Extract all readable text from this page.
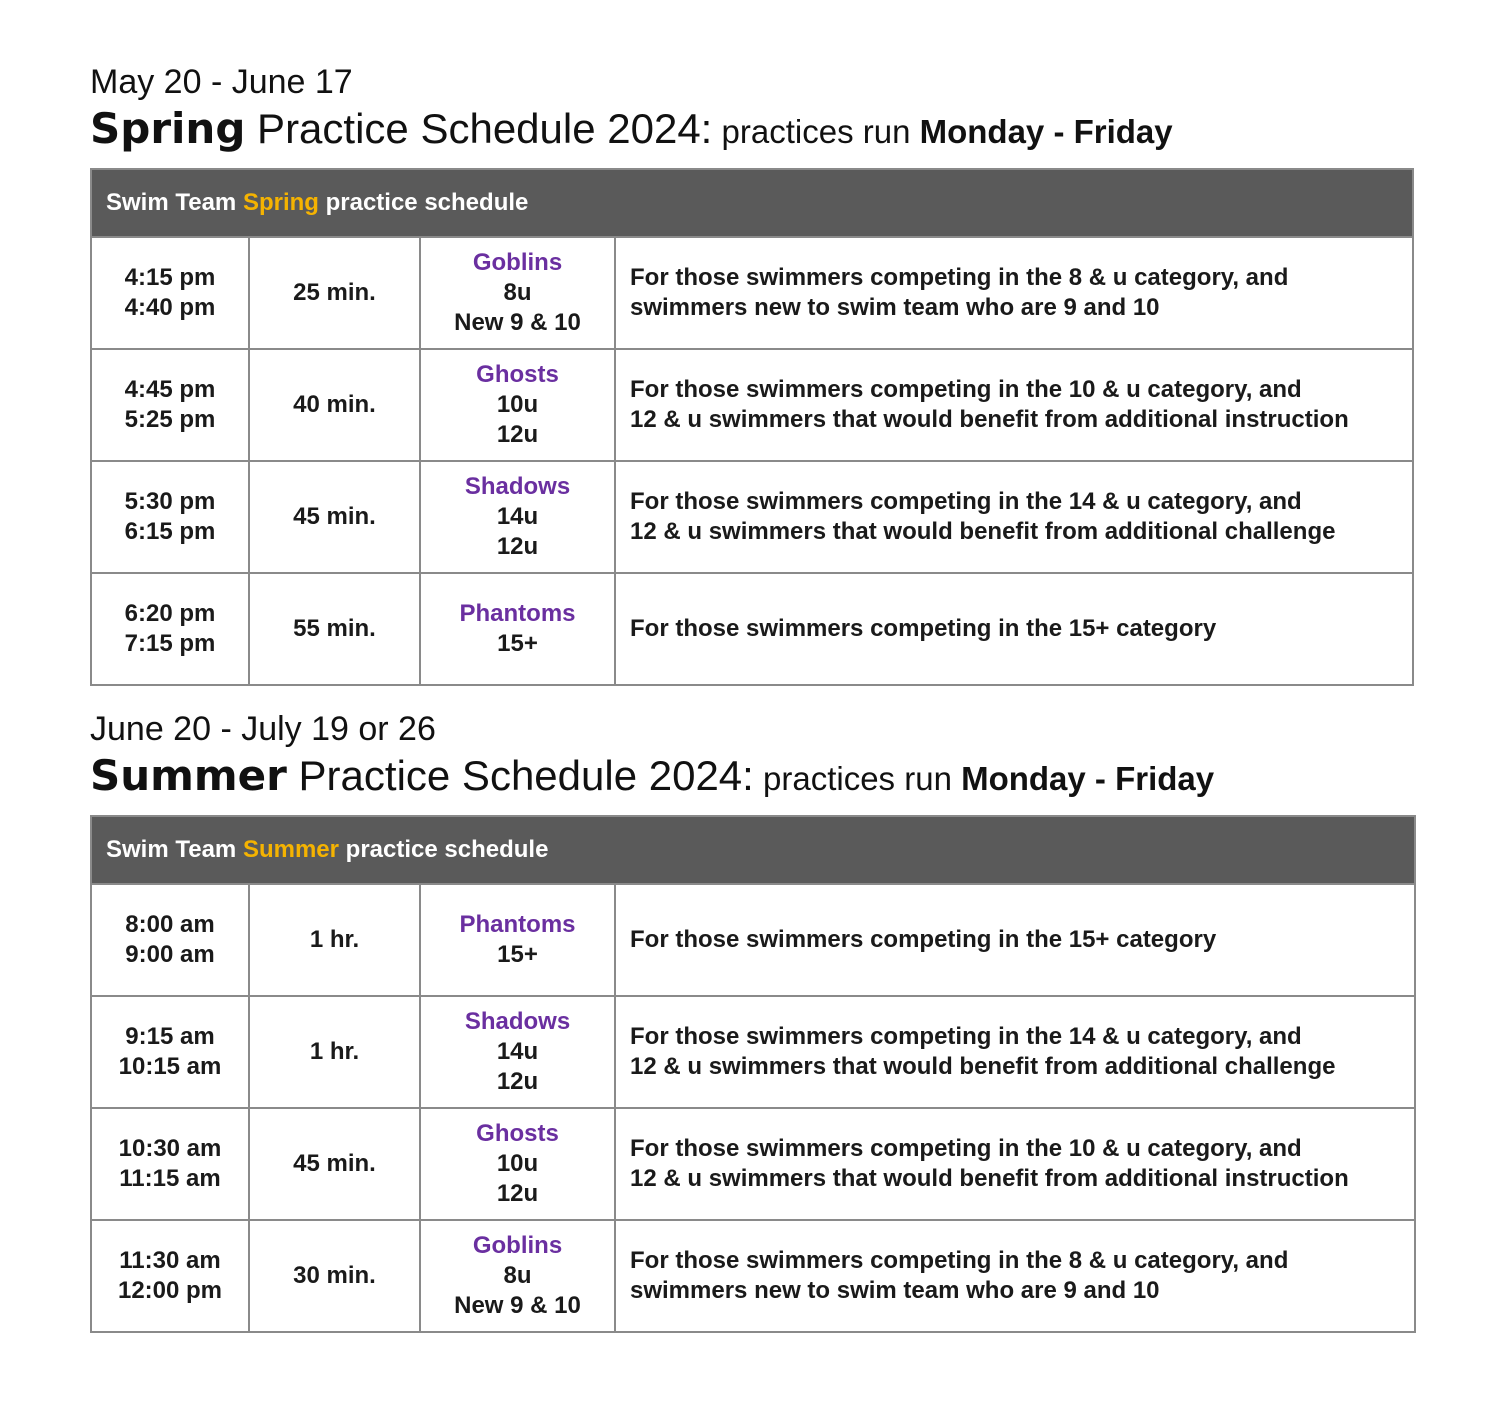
May 20 - June 17
Spring Practice Schedule 2024: practices run Monday - Friday
Swim Team Spring practice schedule			

4:15 pm
4:40 pm	25 min.	Goblins
8u
New 9 & 10	For those swimmers competing in the 8 & u category, and
swimmers new to swim team who are 9 and 10

4:45 pm
5:25 pm	40 min.	Ghosts
10u
12u	For those swimmers competing in the 10 & u category, and
12 & u swimmers that would benefit from additional instruction

5:30 pm
6:15 pm	45 min.	Shadows
14u
12u	For those swimmers competing in the 14 & u category, and
12 & u swimmers that would benefit from additional challenge

6:20 pm
7:15 pm	55 min.	Phantoms
15+	For those swimmers competing in the 15+ category
June 20 - July 19 or 26
Summer Practice Schedule 2024: practices run Monday - Friday
Swim Team Summer practice schedule			

8:00 am
9:00 am	1 hr.	Phantoms
15+	For those swimmers competing in the 15+ category

9:15 am
10:15 am	1 hr.	Shadows
14u
12u	For those swimmers competing in the 14 & u category, and
12 & u swimmers that would benefit from additional challenge

10:30 am
11:15 am	45 min.	Ghosts
10u
12u	For those swimmers competing in the 10 & u category, and
12 & u swimmers that would benefit from additional instruction

11:30 am
12:00 pm	30 min.	Goblins
8u
New 9 & 10	For those swimmers competing in the 8 & u category, and
swimmers new to swim team who are 9 and 10
